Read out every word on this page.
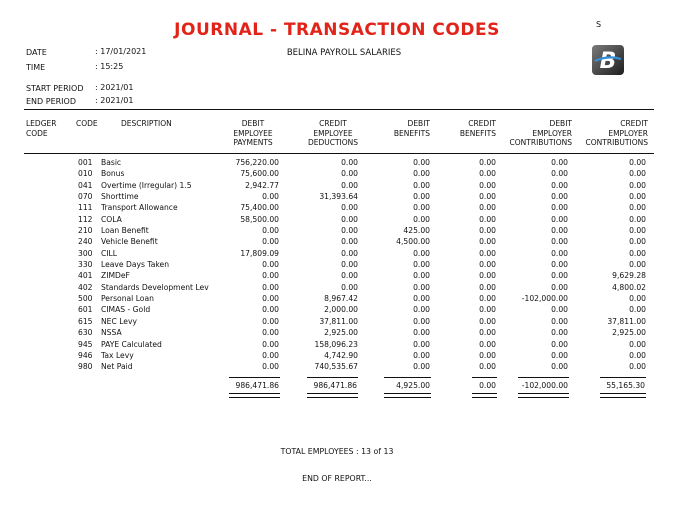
JOURNAL - TRANSACTION CODES	S
B
DATE	: 17/01/2021
TIME	: 15:25
START PERIOD : 2021/01
END PERIOD : 2021/01
BELINA PAYROLL SALARIES
LEDGER
CODE
CODE	DESCRIPTION	DEBIT
EMPLOYEE
PAYMENTS
CREDIT
EMPLOYEE
DEDUCTIONS
DEBIT
BENEFITS
CREDIT
BENEFITS
DEBIT
EMPLOYER
CONTRIBUTIONS
CREDIT
EMPLOYER
CONTRIBUTIONS
001 Basic	756,220.00	0.00	0.00	0.00	0.00	0.00
010 Bonus	75,600.00	0.00	0.00	0.00	0.00	0.00
041 Overtime (Irregular) 1.5	2,942.77	0.00	0.00	0.00	0.00	0.00
070 Shorttime	0.00	31,393.64	0.00	0.00	0.00	0.00
111 Transport Allowance	75,400.00	0.00	0.00	0.00	0.00	0.00
112 COLA	58,500.00	0.00	0.00	0.00	0.00	0.00
210 Loan Benefit	0.00	0.00	425.00	0.00	0.00	0.00
240 Vehicle Benefit	0.00	0.00	4,500.00	0.00	0.00	0.00
300 CILL	17,809.09	0.00	0.00	0.00	0.00	0.00
330 Leave Days Taken	0.00	0.00	0.00	0.00	0.00	0.00
401 ZIMDeF	0.00	0.00	0.00	0.00	0.00	9,629.28
402 Standards Development Lev	0.00	0.00	0.00	0.00	0.00	4,800.02
500 Personal Loan	0.00	8,967.42	0.00	0.00	-102,000.00	0.00
601 CIMAS - Gold	0.00	2,000.00	0.00	0.00	0.00	0.00
615 NEC Levy	0.00	37,811.00	0.00	0.00	0.00	37,811.00
630 NSSA	0.00	2,925.00	0.00	0.00	0.00	2,925.00
945 PAYE Calculated	0.00	158,096.23	0.00	0.00	0.00	0.00
946 Tax Levy	0.00	4,742.90	0.00	0.00	0.00	0.00
980 Net Paid	0.00	740,535.67	0.00	0.00	0.00	0.00
986,471.86	986,471.86	4,925.00	0.00	-102,000.00	55,165.30
TOTAL EMPLOYEES : 13 of 13
END OF REPORT...
